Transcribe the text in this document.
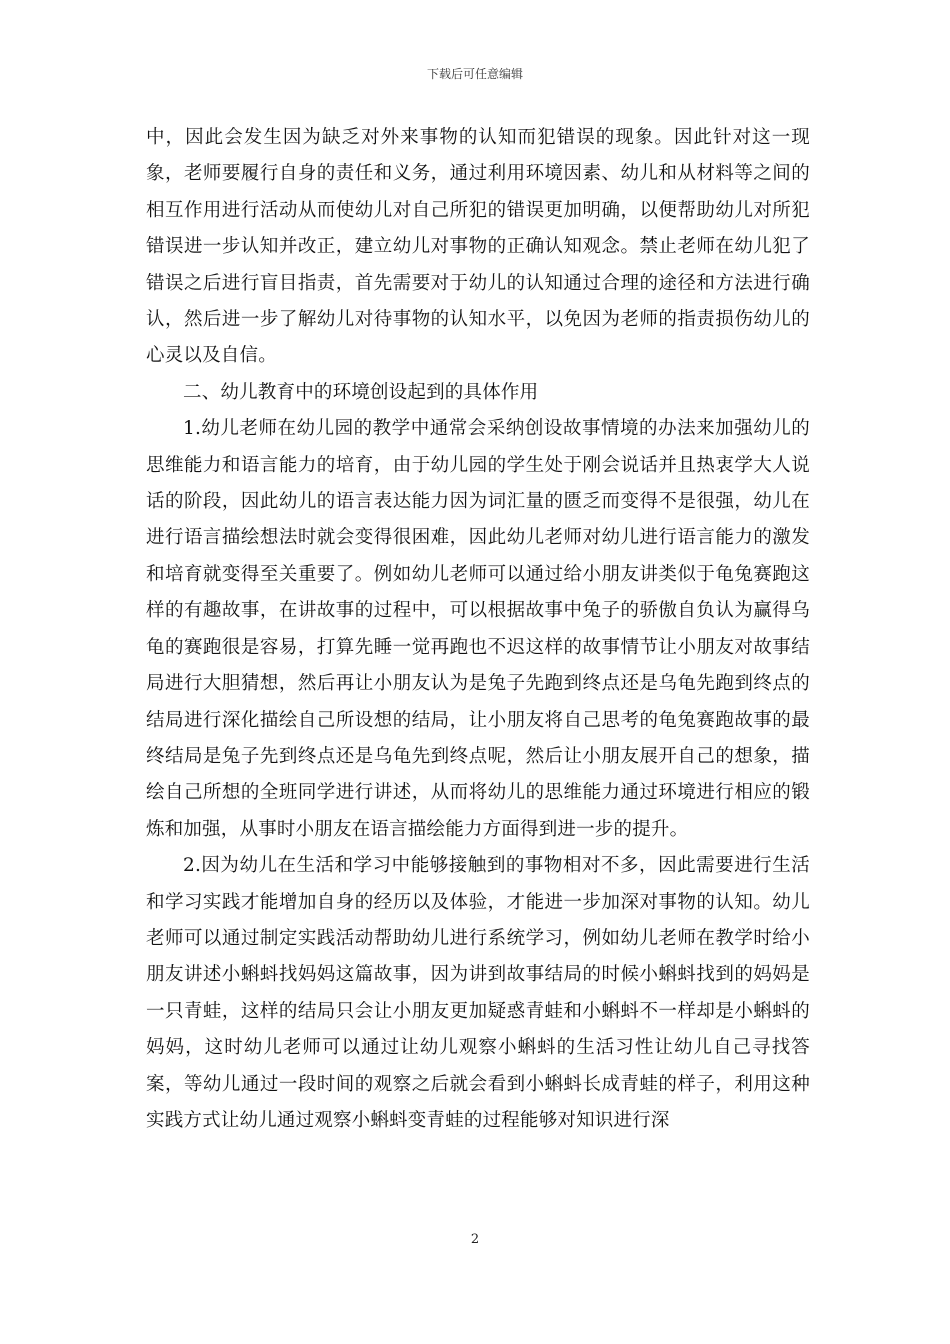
下载后可任意编辑

中，因此会发生因为缺乏对外来事物的认知而犯错误的现象。因此针对这一现象，老师要履行自身的责任和义务，通过利用环境因素、幼儿和从材料等之间的相互作用进行活动从而使幼儿对自己所犯的错误更加明确，以便帮助幼儿对所犯错误进一步认知并改正，建立幼儿对事物的正确认知观念。禁止老师在幼儿犯了错误之后进行盲目指责，首先需要对于幼儿的认知通过合理的途径和方法进行确认，然后进一步了解幼儿对待事物的认知水平，以免因为老师的指责损伤幼儿的心灵以及自信。

二、幼儿教育中的环境创设起到的具体作用

1.幼儿老师在幼儿园的教学中通常会采纳创设故事情境的办法来加强幼儿的思维能力和语言能力的培育，由于幼儿园的学生处于刚会说话并且热衷学大人说话的阶段，因此幼儿的语言表达能力因为词汇量的匮乏而变得不是很强，幼儿在进行语言描绘想法时就会变得很困难，因此幼儿老师对幼儿进行语言能力的激发和培育就变得至关重要了。例如幼儿老师可以通过给小朋友讲类似于龟兔赛跑这样的有趣故事，在讲故事的过程中，可以根据故事中兔子的骄傲自负认为赢得乌龟的赛跑很是容易，打算先睡一觉再跑也不迟这样的故事情节让小朋友对故事结局进行大胆猜想，然后再让小朋友认为是兔子先跑到终点还是乌龟先跑到终点的结局进行深化描绘自己所设想的结局，让小朋友将自己思考的龟兔赛跑故事的最终结局是兔子先到终点还是乌龟先到终点呢，然后让小朋友展开自己的想象，描绘自己所想的全班同学进行讲述，从而将幼儿的思维能力通过环境进行相应的锻炼和加强，从事时小朋友在语言描绘能力方面得到进一步的提升。

2.因为幼儿在生活和学习中能够接触到的事物相对不多，因此需要进行生活和学习实践才能增加自身的经历以及体验，才能进一步加深对事物的认知。幼儿老师可以通过制定实践活动帮助幼儿进行系统学习，例如幼儿老师在教学时给小朋友讲述小蝌蚪找妈妈这篇故事，因为讲到故事结局的时候小蝌蚪找到的妈妈是一只青蛙，这样的结局只会让小朋友更加疑惑青蛙和小蝌蚪不一样却是小蝌蚪的妈妈，这时幼儿老师可以通过让幼儿观察小蝌蚪的生活习性让幼儿自己寻找答案，等幼儿通过一段时间的观察之后就会看到小蝌蚪长成青蛙的样子，利用这种实践方式让幼儿通过观察小蝌蚪变青蛙的过程能够对知识进行深

2
